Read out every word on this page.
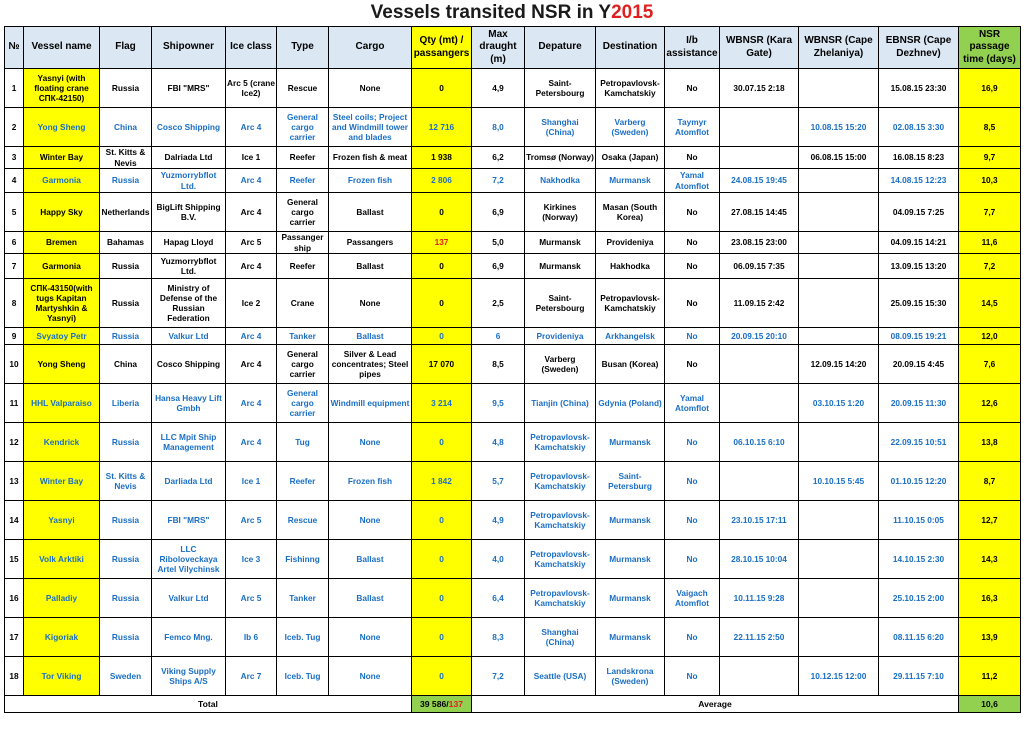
Vessels transited NSR in Y2015
№	Vessel name	Flag	Shipowner	Ice class	Type	Cargo	Qty (mt) / passangers	Max draught (m)	Depature	Destination	I/b assistance	WBNSR (Kara Gate)	WBNSR (Cape Zhelaniya)	EBNSR (Cape Dezhnev)	NSR passage time (days)
1	Yasnyi (with floating crane СПК-42150)	Russia	FBI "MRS"	Arc 5 (crane Ice2)	Rescue	None	0	4,9	Saint-Petersbourg	Petropavlovsk-Kamchatskiy	No	30.07.15 2:18		15.08.15 23:30	16,9
2	Yong Sheng	China	Cosco Shipping	Arc 4	General cargo carrier	Steel coils; Project and Windmill tower and blades	12 716	8,0	Shanghai (China)	Varberg (Sweden)	Taymyr Atomflot		10.08.15 15:20	02.08.15 3:30	8,5
3	Winter Bay	St. Kitts & Nevis	Dalriada Ltd	Ice 1	Reefer	Frozen fish & meat	1 938	6,2	Tromsø (Norway)	Osaka (Japan)	No		06.08.15 15:00	16.08.15 8:23	9,7
4	Garmonia	Russia	Yuzmorrybflot Ltd.	Arc 4	Reefer	Frozen fish	2 806	7,2	Nakhodka	Murmansk	Yamal Atomflot	24.08.15 19:45		14.08.15 12:23	10,3
5	Happy Sky	Netherlands	BigLift Shipping B.V.	Arc 4	General cargo carrier	Ballast	0	6,9	Kirkines (Norway)	Masan (South Korea)	No	27.08.15 14:45		04.09.15 7:25	7,7
6	Bremen	Bahamas	Hapag Lloyd	Arc 5	Passanger ship	Passangers	137	5,0	Murmansk	Provideniya	No	23.08.15 23:00		04.09.15 14:21	11,6
7	Garmonia	Russia	Yuzmorrybflot Ltd.	Arc 4	Reefer	Ballast	0	6,9	Murmansk	Hakhodka	No	06.09.15 7:35		13.09.15 13:20	7,2
8	СПК-43150(with tugs Kapitan Martyshkin & Yasnyi)	Russia	Ministry of Defense of the Russian Federation	Ice 2	Crane	None	0	2,5	Saint-Petersbourg	Petropavlovsk-Kamchatskiy	No	11.09.15 2:42		25.09.15 15:30	14,5
9	Svyatoy Petr	Russia	Valkur Ltd	Arc 4	Tanker	Ballast	0	6	Provideniya	Arkhangelsk	No	20.09.15 20:10		08.09.15 19:21	12,0
10	Yong Sheng	China	Cosco Shipping	Arc 4	General cargo carrier	Silver & Lead concentrates; Steel pipes	17 070	8,5	Varberg (Sweden)	Busan (Korea)	No		12.09.15 14:20	20.09.15 4:45	7,6
11	HHL Valparaiso	Liberia	Hansa Heavy Lift Gmbh	Arc 4	General cargo carrier	Windmill equipment	3 214	9,5	Tianjin (China)	Gdynia (Poland)	Yamal Atomflot		03.10.15 1:20	20.09.15 11:30	12,6
12	Kendrick	Russia	LLC Mpit Ship Management	Arc 4	Tug	None	0	4,8	Petropavlovsk-Kamchatskiy	Murmansk	No	06.10.15 6:10		22.09.15 10:51	13,8
13	Winter Bay	St. Kitts & Nevis	Darliada Ltd	Ice 1	Reefer	Frozen fish	1 842	5,7	Petropavlovsk-Kamchatskiy	Saint-Petersburg	No		10.10.15 5:45	01.10.15 12:20	8,7
14	Yasnyi	Russia	FBI "MRS"	Arc 5	Rescue	None	0	4,9	Petropavlovsk-Kamchatskiy	Murmansk	No	23.10.15 17:11		11.10.15 0:05	12,7
15	Volk Arktiki	Russia	LLC Riboloveckaya Artel Vilychinsk	Ice 3	Fishinng	Ballast	0	4,0	Petropavlovsk-Kamchatskiy	Murmansk	No	28.10.15 10:04		14.10.15 2:30	14,3
16	Palladiy	Russia	Valkur Ltd	Arc 5	Tanker	Ballast	0	6,4	Petropavlovsk-Kamchatskiy	Murmansk	Vaigach Atomflot	10.11.15 9:28		25.10.15 2:00	16,3
17	Kigoriak	Russia	Femco Mng.	Ib 6	Iceb. Tug	None	0	8,3	Shanghai (China)	Murmansk	No	22.11.15 2:50		08.11.15 6:20	13,9
18	Tor Viking	Sweden	Viking Supply Ships A/S	Arc 7	Iceb. Tug	None	0	7,2	Seattle (USA)	Landskrona (Sweden)	No		10.12.15 12:00	29.11.15 7:10	11,2
Total							39 586/137	Average							10,6
